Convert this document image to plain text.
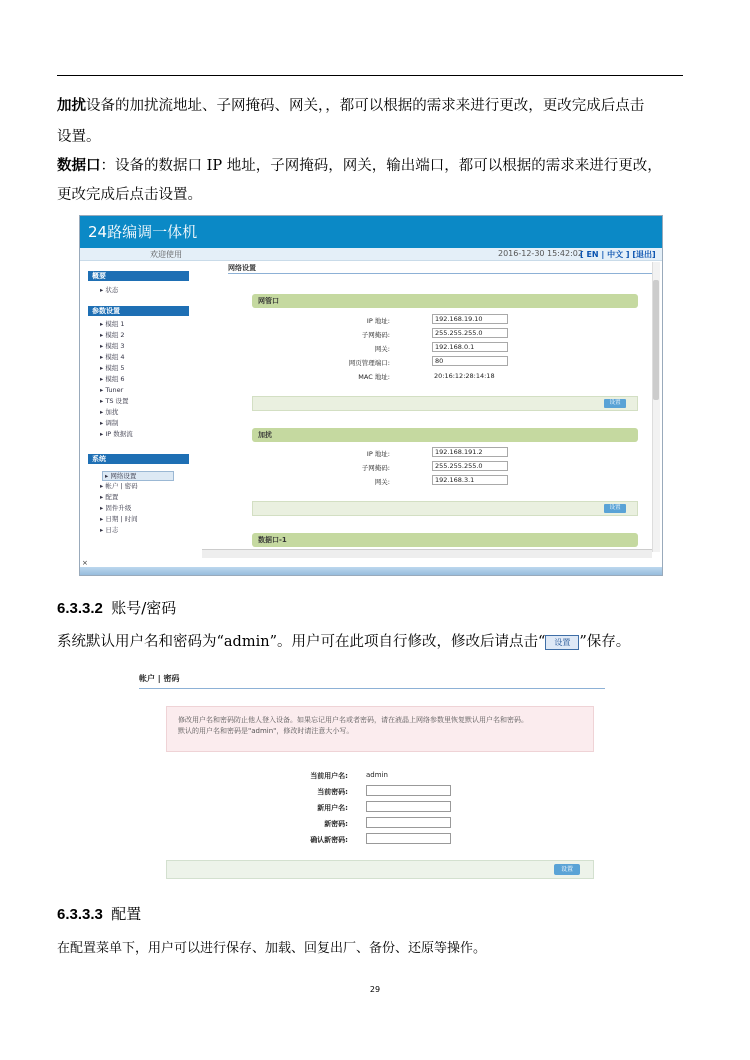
加扰设备的加扰流地址、子网掩码、网关，，都可以根据的需求来进行更改，更改完成后点击
设置。
数据口：设备的数据口 IP 地址，子网掩码，网关，输出端口，都可以根据的需求来进行更改，
更改完成后点击设置。
24路编调一体机
欢迎使用	2016-12-30 15:42:02
[ EN | 中文 ] [退出]
概要
▸ 状态
参数设置
▸ 模组 1
▸ 模组 2
▸ 模组 3
▸ 模组 4
▸ 模组 5
▸ 模组 6
▸ Tuner
▸ TS 设置
▸ 加扰
▸ 调制
▸ IP 数据流
系统
▸ 网络设置
▸ 帐户 | 密码
▸ 配置
▸ 固件升级
▸ 日期 | 时间
▸ 日志
网络设置
网管口
IP 地址:	192.168.19.10
子网掩码:	255.255.255.0
网关:	192.168.0.1
网页管理端口:	80
MAC 地址:	20:16:12:28:14:18
设置
加扰
IP 地址:	192.168.191.2
子网掩码:	255.255.255.0
网关:	192.168.3.1
设置
数据口-1
×
6.3.3.2 账号/密码
系统默认用户名和密码为“admin”。用户可在此项自行修改，修改后请点击“ 设置 ”保存。
帐户 | 密码
修改用户名和密码防止他人登入设备。如果忘记用户名或者密码，请在液晶上网络参数里恢复默认用户名和密码。
默认的用户名和密码是"admin"，修改时请注意大小写。
当前用户名:	admin
当前密码:
新用户名:
新密码:
确认新密码:
设置
6.3.3.3 配置
在配置菜单下，用户可以进行保存、加载、回复出厂、备份、还原等操作。
29
